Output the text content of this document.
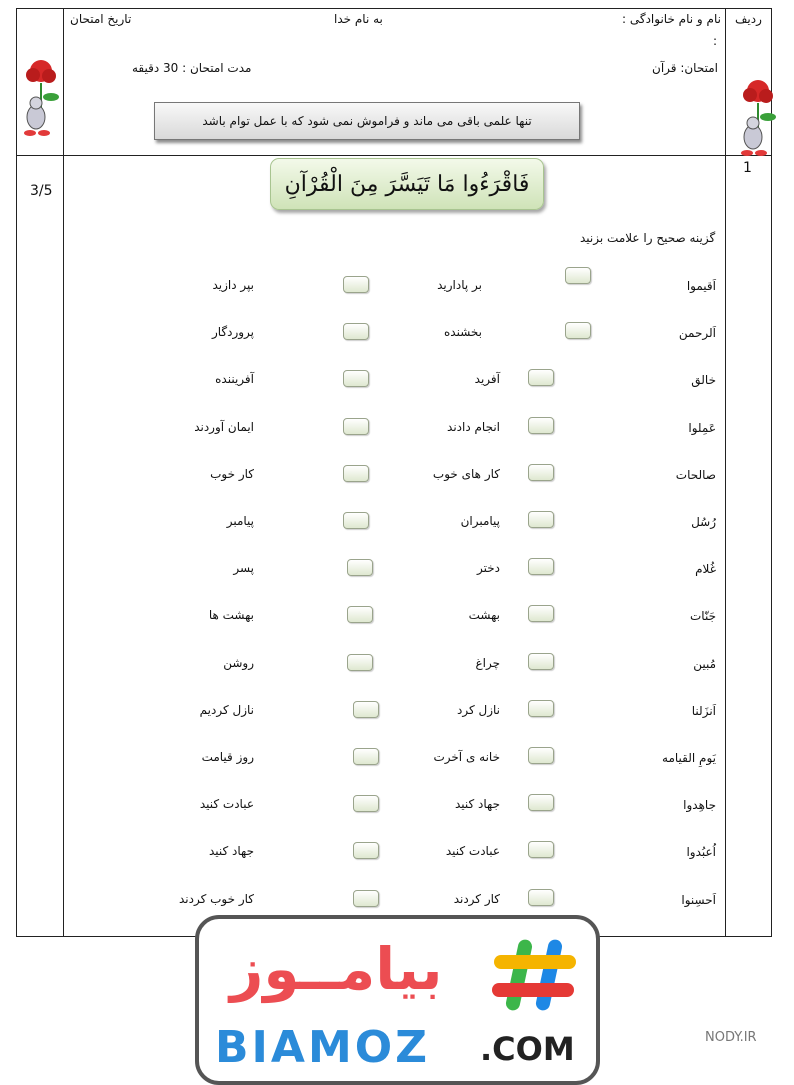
ردیف
نام و نام خانوادگی :
:
به نام خدا
تاریخ امتحان
امتحان: قرآن
مدت امتحان : 30 دقیقه
تنها علمی باقی می ماند و فراموش نمی شود که با عمل توام باشد
1
3/5	فَاقْرَءُوا مَا تَيَسَّرَ مِنَ الْقُرْآنِ
گزینه صحیح را علامت بزنید
اَقیموا
بر پادارید
بپر دازید
اَلرحمن
بخشنده
پروردگار
خالق
آفرید
آفریننده
عَمِلوا
انجام دادند
ایمان آوردند
صالحات
کار های خوب
کار خوب
رُسُل
پیامبران
پیامبر
غُلام
دختر
پسر
جَنّات
بهشت
بهشت ها
مُبین
چراغ
روشن
اَنزَلنا
نازل کرد
نازل کردیم
یَومِ القیامه
خانه ی آخرت
روز قیامت
جاهِدوا
جهاد کنید
عبادت کنید
اُعبُدوا
عبادت کنید
جهاد کنید
اَحسِنوا
کار کردند
کار خوب کردند
بیامــوز
BIAMOZ .COM	NODY.IR
